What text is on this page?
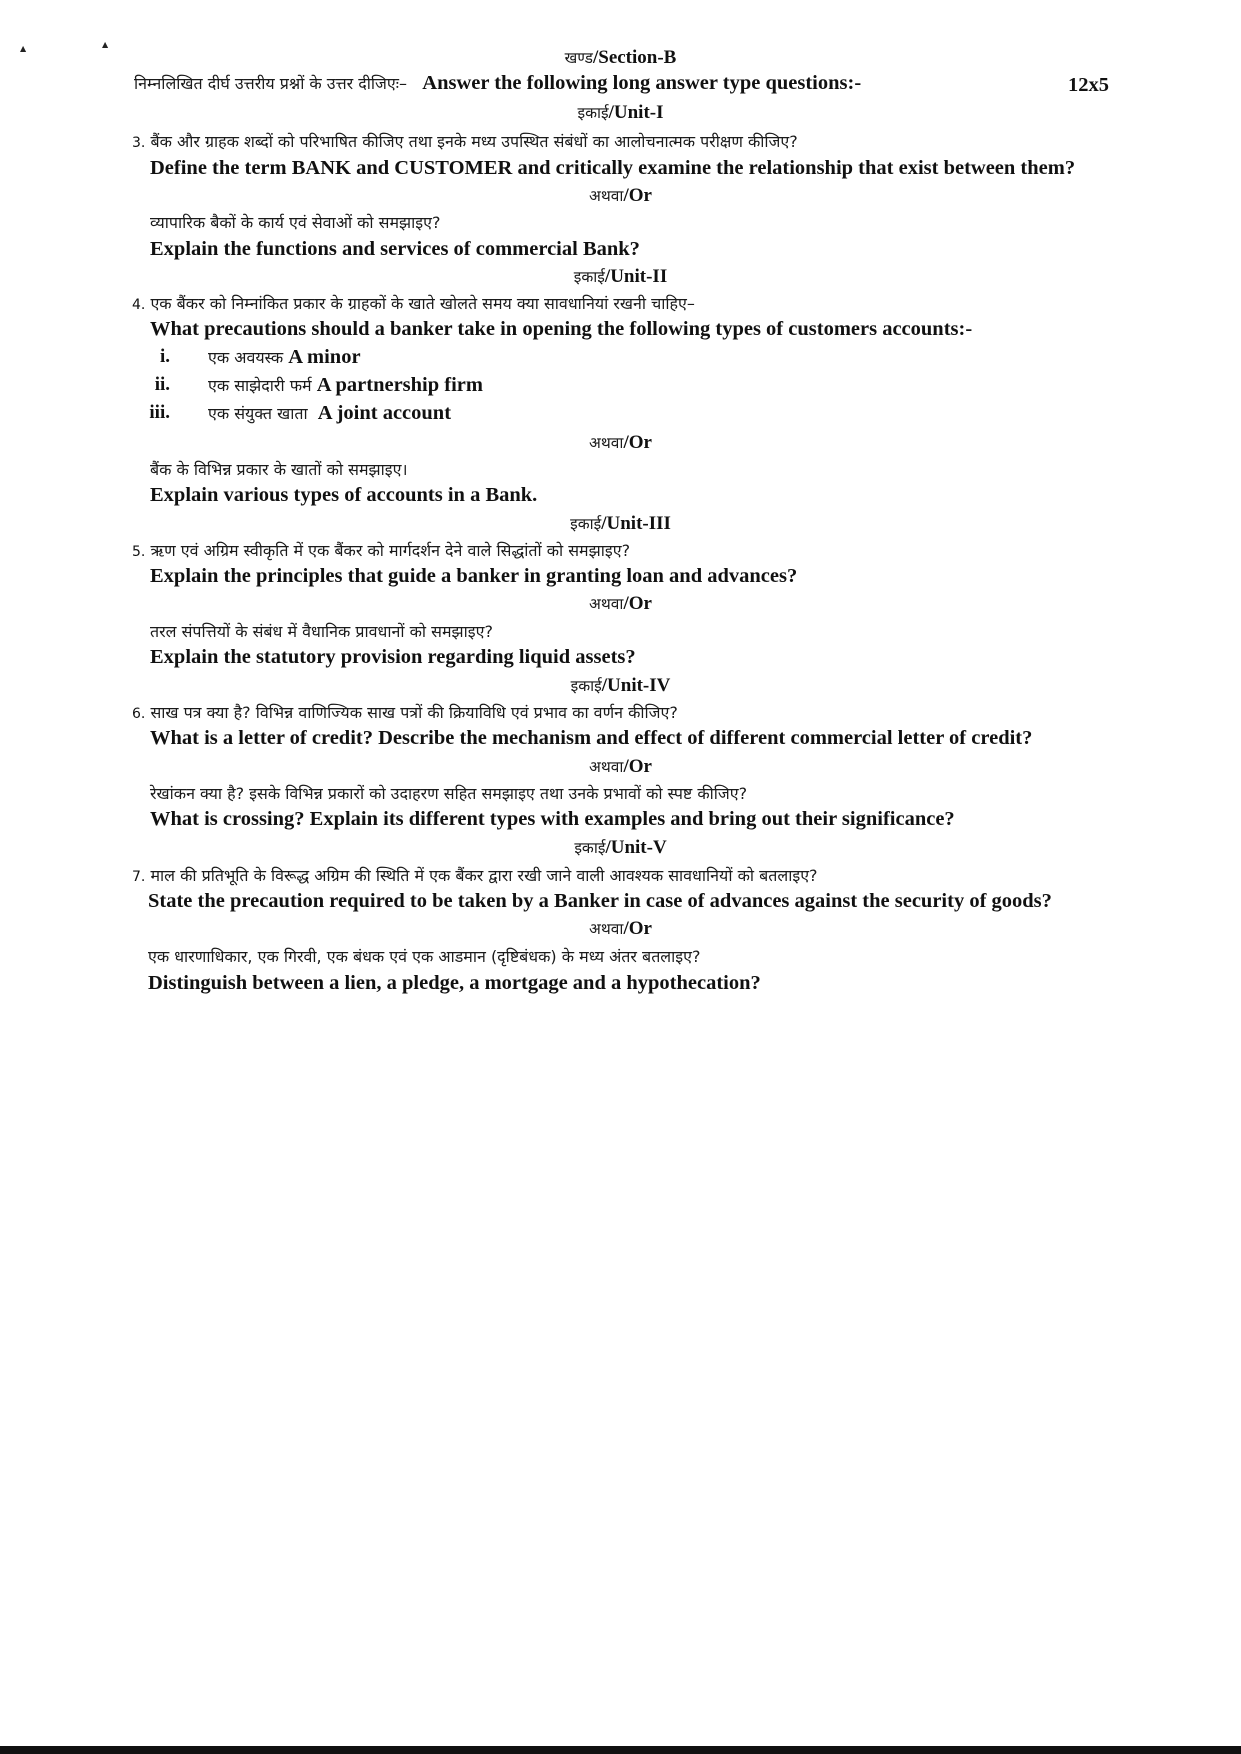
▲	▲
खण्ड/Section-B
निम्नलिखित दीर्घ उत्तरीय प्रश्नों के उत्तर दीजिएः– Answer the following long answer type questions:-	12x5
इकाई/Unit-I
3. बैंक और ग्राहक शब्दों को परिभाषित कीजिए तथा इनके मध्य उपस्थित संबंधों का आलोचनात्मक परीक्षण कीजिए?
Define the term BANK and CUSTOMER and critically examine the relationship that exist between them?
अथवा/Or
व्यापारिक बैकों के कार्य एवं सेवाओं को समझाइए?
Explain the functions and services of commercial Bank?
इकाई/Unit-II
4. एक बैंकर को निम्नांकित प्रकार के ग्राहकों के खाते खोलते समय क्या सावधानियां रखनी चाहिए–
What precautions should a banker take in opening the following types of customers accounts:-
i. एक अवयस्क A minor
ii. एक साझेदारी फर्म A partnership firm
iii. एक संयुक्त खाता A joint account
अथवा/Or
बैंक के विभिन्न प्रकार के खातों को समझाइए।
Explain various types of accounts in a Bank.
इकाई/Unit-III
5. ऋण एवं अग्रिम स्वीकृति में एक बैंकर को मार्गदर्शन देने वाले सिद्धांतों को समझाइए?
Explain the principles that guide a banker in granting loan and advances?
अथवा/Or
तरल संपत्तियों के संबंध में वैधानिक प्रावधानों को समझाइए?
Explain the statutory provision regarding liquid assets?
इकाई/Unit-IV
6. साख पत्र क्या है? विभिन्न वाणिज्यिक साख पत्रों की क्रियाविधि एवं प्रभाव का वर्णन कीजिए?
What is a letter of credit? Describe the mechanism and effect of different commercial letter of credit?
अथवा/Or
रेखांकन क्या है? इसके विभिन्न प्रकारों को उदाहरण सहित समझाइए तथा उनके प्रभावों को स्पष्ट कीजिए?
What is crossing? Explain its different types with examples and bring out their significance?
इकाई/Unit-V
7. माल की प्रतिभूति के विरूद्ध अग्रिम की स्थिति में एक बैंकर द्वारा रखी जाने वाली आवश्यक सावधानियों को बतलाइए?
State the precaution required to be taken by a Banker in case of advances against the security of goods?
अथवा/Or
एक धारणाधिकार, एक गिरवी, एक बंधक एवं एक आडमान (दृष्टिबंधक) के मध्य अंतर बतलाइए?
Distinguish between a lien, a pledge, a mortgage and a hypothecation?
